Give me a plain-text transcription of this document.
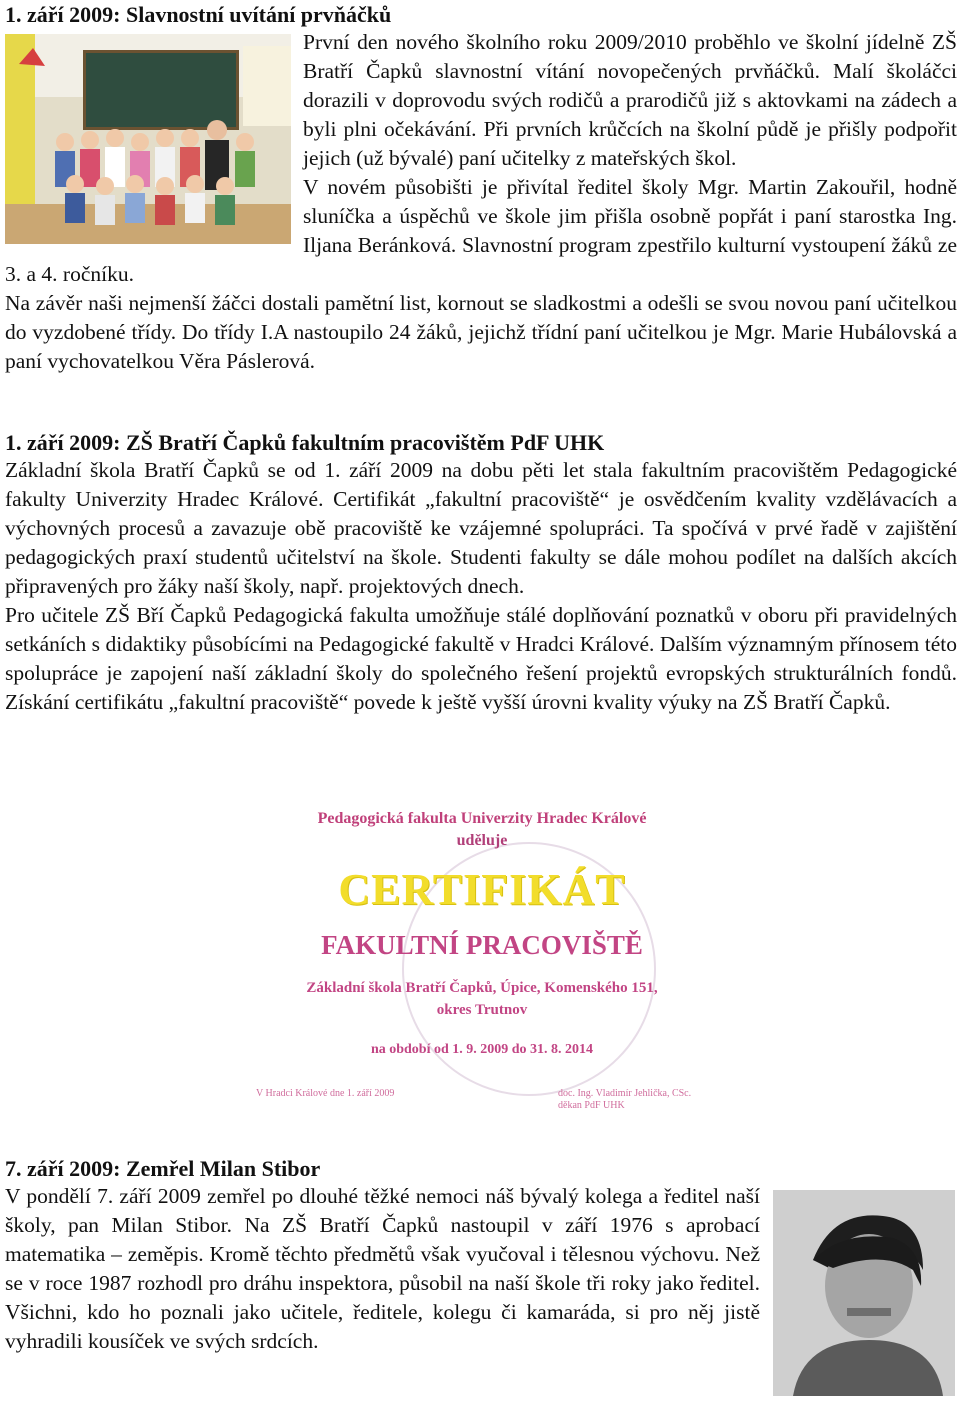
1. září 2009: Slavnostní uvítání prvňáčků

První den nového školního roku 2009/2010 proběhlo ve školní jídelně ZŠ Bratří Čapků slavnostní vítání novopečených prvňáčků. Malí školáčci dorazili v doprovodu svých rodičů a prarodičů již s aktovkami na zádech a byli plni očekávání. Při prvních krůčcích na školní půdě je přišly podpořit jejich (už bývalé) paní učitelky z mateřských škol.

V novém působišti je přivítal ředitel školy Mgr. Martin Zakouřil, hodně sluníčka a úspěchů ve škole jim přišla osobně popřát i paní starostka Ing. Iljana Beránková. Slavnostní program zpestřilo kulturní vystoupení žáků ze 3. a 4. ročníku.

Na závěr naši nejmenší žáčci dostali pamětní list, kornout se sladkostmi a odešli se svou novou paní učitelkou do vyzdobené třídy. Do třídy I.A nastoupilo 24 žáků, jejichž třídní paní učitelkou je Mgr. Marie Hubálovská a paní vychovatelkou Věra Páslerová.

1. září 2009: ZŠ Bratří Čapků fakultním pracovištěm PdF UHK

Základní škola Bratří Čapků se od 1. září 2009 na dobu pěti let stala fakultním pracovištěm Pedagogické fakulty Univerzity Hradec Králové. Certifikát „fakultní pracoviště“ je osvědčením kvality vzdělávacích a výchovných procesů a zavazuje obě pracoviště ke vzájemné spolupráci. Ta spočívá v prvé řadě v zajištění pedagogických praxí studentů učitelství na škole. Studenti fakulty se dále mohou podílet na dalších akcích připravených pro žáky naší školy, např. projektových dnech.

Pro učitele ZŠ Bří Čapků Pedagogická fakulta umožňuje stálé doplňování poznatků v oboru při pravidelných setkáních s didaktiky působícími na Pedagogické fakultě v Hradci Králové. Dalším významným přínosem této spolupráce je zapojení naší základní školy do společného řešení projektů evropských strukturálních fondů. Získání certifikátu „fakultní pracoviště“ povede k ještě vyšší úrovni kvality výuky na ZŠ Bratří Čapků.

Pedagogická fakulta Univerzity Hradec Králové
uděluje
CERTIFIKÁT
FAKULTNÍ PRACOVIŠTĚ
Základní škola Bratří Čapků, Úpice, Komenského 151,
okres Trutnov
na období od 1. 9. 2009 do 31. 8. 2014
V Hradci Králové dne 1. září 2009	doc. Ing. Vladimír Jehlička, CSc.
děkan PdF UHK
7. září 2009: Zemřel Milan Stibor

V pondělí 7. září 2009 zemřel po dlouhé těžké nemoci náš bývalý kolega a ředitel naší školy, pan Milan Stibor. Na ZŠ Bratří Čapků nastoupil v září 1976 s aprobací matematika – zeměpis. Kromě těchto předmětů však vyučoval i tělesnou výchovu. Než se v roce 1987 rozhodl pro dráhu inspektora, působil na naší škole tři roky jako ředitel. Všichni, kdo ho poznali jako učitele, ředitele, kolegu či kamaráda, si pro něj jistě vyhradili kousíček ve svých srdcích.
